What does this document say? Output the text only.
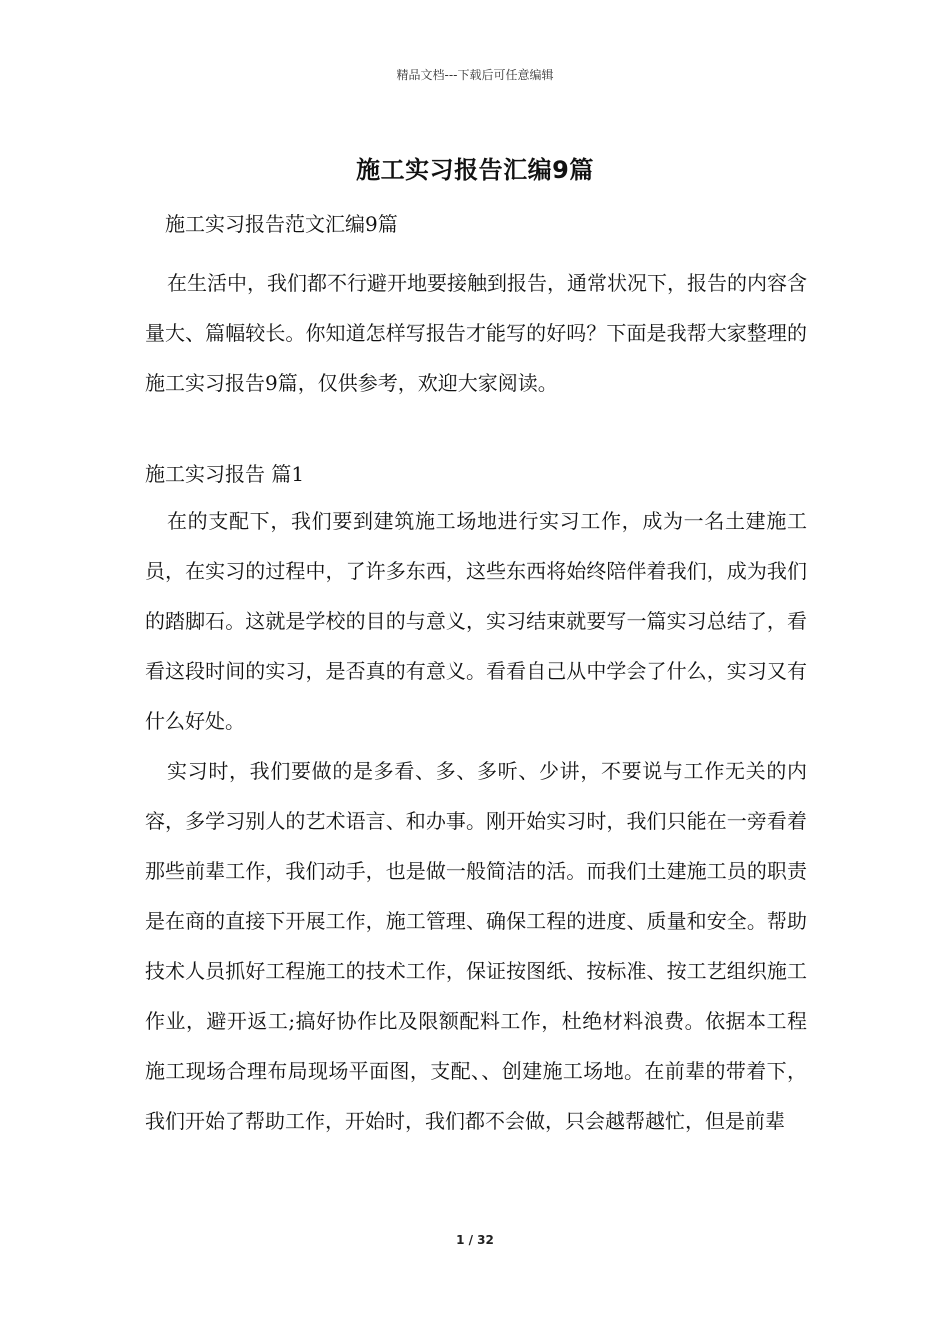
精品文档---下载后可任意编辑
施工实习报告汇编9篇
施工实习报告范文汇编9篇

在生活中，我们都不行避开地要接触到报告，通常状况下，报告的内容含量大、篇幅较长。你知道怎样写报告才能写的好吗？下面是我帮大家整理的施工实习报告9篇，仅供参考，欢迎大家阅读。

施工实习报告 篇1

在的支配下，我们要到建筑施工场地进行实习工作，成为一名土建施工员，在实习的过程中，了许多东西，这些东西将始终陪伴着我们，成为我们的踏脚石。这就是学校的目的与意义，实习结束就要写一篇实习总结了，看看这段时间的实习，是否真的有意义。看看自己从中学会了什么，实习又有什么好处。

实习时，我们要做的是多看、多、多听、少讲，不要说与工作无关的内容，多学习别人的艺术语言、和办事。刚开始实习时，我们只能在一旁看着那些前辈工作，我们动手，也是做一般简洁的活。而我们土建施工员的职责是在商的直接下开展工作，施工管理、确保工程的进度、质量和安全。帮助技术人员抓好工程施工的技术工作，保证按图纸、按标准、按工艺组织施工作业，避开返工;搞好协作比及限额配料工作，杜绝材料浪费。依据本工程施工现场合理布局现场平面图，支配、、创建施工场地。在前辈的带着下，我们开始了帮助工作，开始时，我们都不会做，只会越帮越忙，但是前辈

1 / 32
